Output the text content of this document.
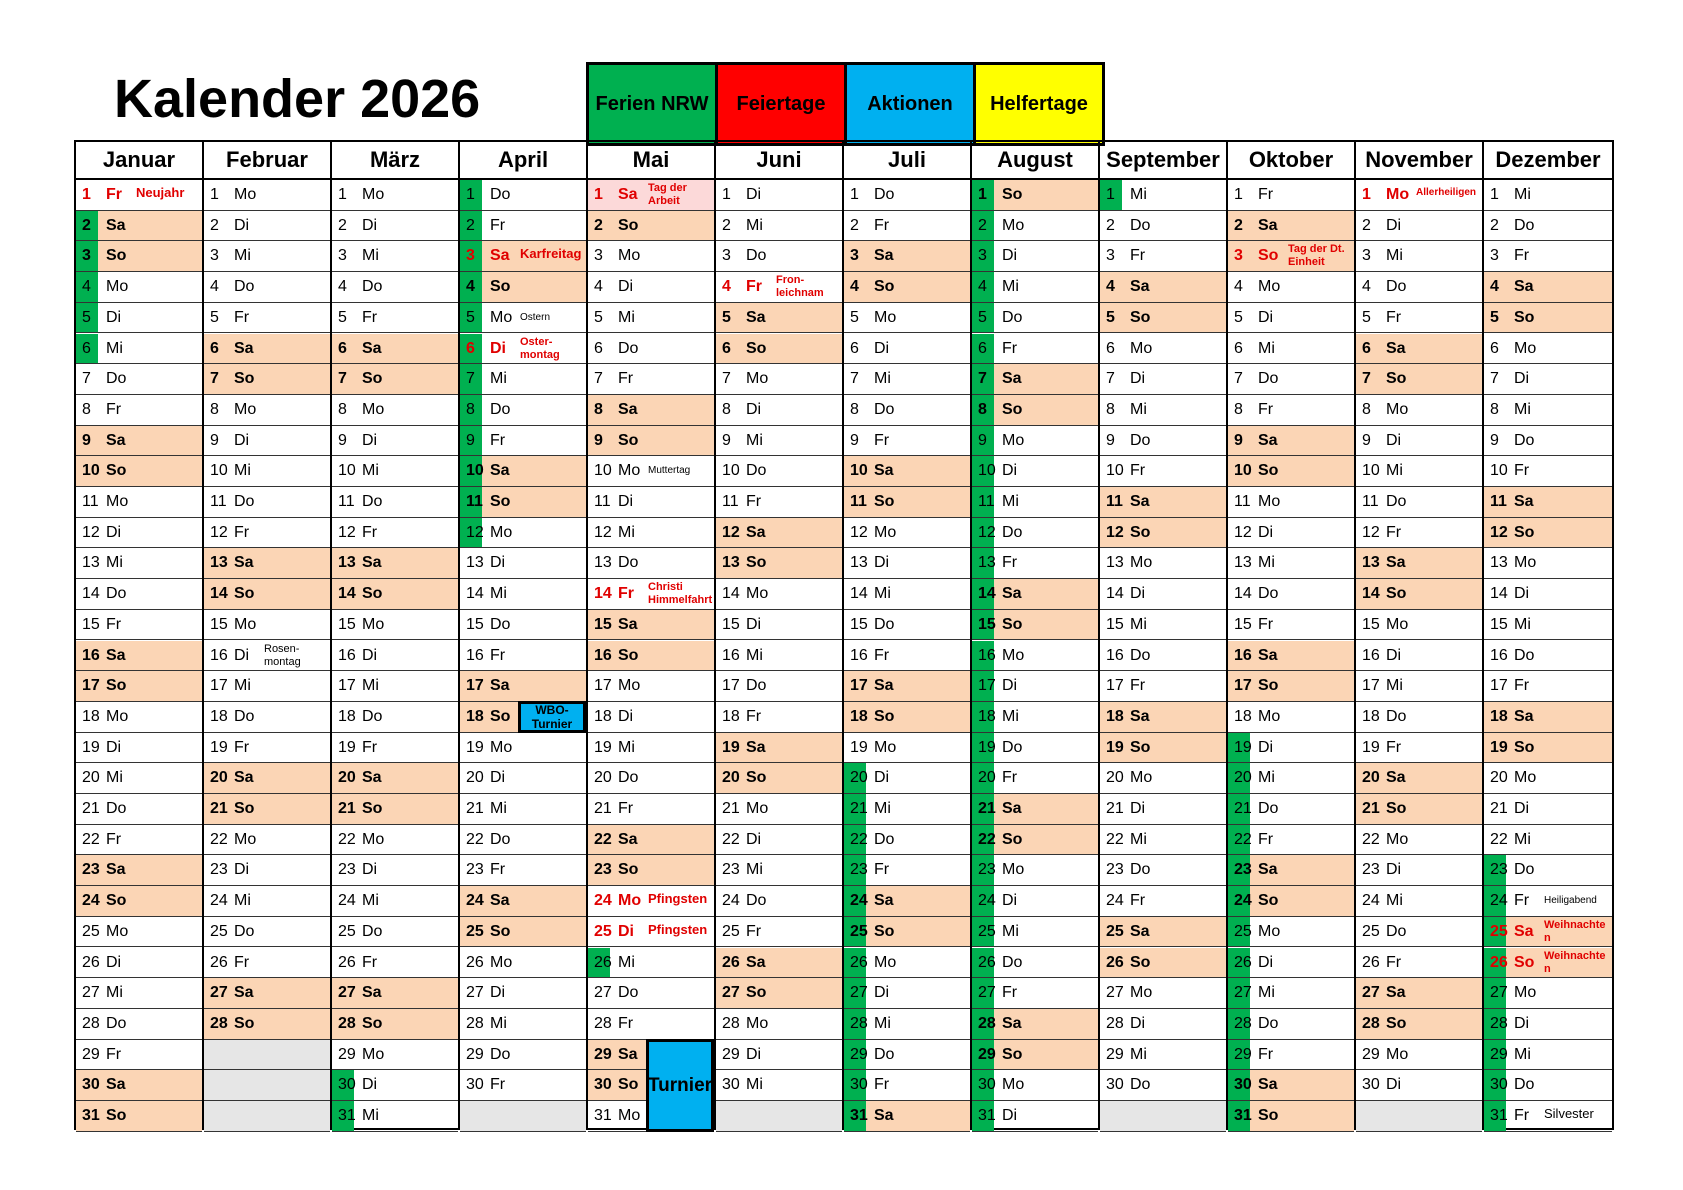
Kalender 2026	Ferien NRW	Feiertage	Aktionen	Helfertage
Januar
1 Fr Neujahr
2 Sa
3 So
4 Mo
5 Di
6 Mi
7 Do
8 Fr
9 Sa
10 So
11 Mo
12 Di
13 Mi
14 Do
15 Fr
16 Sa
17 So
18 Mo
19 Di
20 Mi
21 Do
22 Fr
23 Sa
24 So
25 Mo
26 Di
27 Mi
28 Do
29 Fr
30 Sa
31 So
Februar
1 Mo
2 Di
3 Mi
4 Do
5 Fr
6 Sa
7 So
8 Mo
9 Di
10 Mi
11 Do
12 Fr
13 Sa
14 So
15 Mo
16 Di Rosen-
montag
17 Mi
18 Do
19 Fr
20 Sa
21 So
22 Mo
23 Di
24 Mi
25 Do
26 Fr
27 Sa
28 So
März
1 Mo
2 Di
3 Mi
4 Do
5 Fr
6 Sa
7 So
8 Mo
9 Di
10 Mi
11 Do
12 Fr
13 Sa
14 So
15 Mo
16 Di
17 Mi
18 Do
19 Fr
20 Sa
21 So
22 Mo
23 Di
24 Mi
25 Do
26 Fr
27 Sa
28 So
29 Mo
30 Di
31 Mi
April
1 Do
2 Fr
3 Sa Karfreitag
4 So
5 Mo Ostern
6 Di Oster-
montag
7 Mi
8 Do
9 Fr
10 Sa
11 So
12 Mo
13 Di
14 Mi
15 Do
16 Fr
17 Sa
18 So
19 Mo
20 Di
21 Mi
22 Do
23 Fr
24 Sa
25 So
26 Mo
27 Di
28 Mi
29 Do
30 Fr
WBO-
Turnier
Mai
1 Sa Tag der
Arbeit
2 So
3 Mo
4 Di
5 Mi
6 Do
7 Fr
8 Sa
9 So
10 Mo Muttertag
11 Di
12 Mi
13 Do
14 Fr Christi
Himmelfahrt
15 Sa
16 So
17 Mo
18 Di
19 Mi
20 Do
21 Fr
22 Sa
23 So
24 Mo Pfingsten
25 Di Pfingsten
26 Mi
27 Do
28 Fr
29 Sa
30 So
31 Mo
Turnier
Juni
1 Di
2 Mi
3 Do
4 Fr Fron-
leichnam
5 Sa
6 So
7 Mo
8 Di
9 Mi
10 Do
11 Fr
12 Sa
13 So
14 Mo
15 Di
16 Mi
17 Do
18 Fr
19 Sa
20 So
21 Mo
22 Di
23 Mi
24 Do
25 Fr
26 Sa
27 So
28 Mo
29 Di
30 Mi
Juli
1 Do
2 Fr
3 Sa
4 So
5 Mo
6 Di
7 Mi
8 Do
9 Fr
10 Sa
11 So
12 Mo
13 Di
14 Mi
15 Do
16 Fr
17 Sa
18 So
19 Mo
20 Di
21 Mi
22 Do
23 Fr
24 Sa
25 So
26 Mo
27 Di
28 Mi
29 Do
30 Fr
31 Sa
August
1 So
2 Mo
3 Di
4 Mi
5 Do
6 Fr
7 Sa
8 So
9 Mo
10 Di
11 Mi
12 Do
13 Fr
14 Sa
15 So
16 Mo
17 Di
18 Mi
19 Do
20 Fr
21 Sa
22 So
23 Mo
24 Di
25 Mi
26 Do
27 Fr
28 Sa
29 So
30 Mo
31 Di
September
1 Mi
2 Do
3 Fr
4 Sa
5 So
6 Mo
7 Di
8 Mi
9 Do
10 Fr
11 Sa
12 So
13 Mo
14 Di
15 Mi
16 Do
17 Fr
18 Sa
19 So
20 Mo
21 Di
22 Mi
23 Do
24 Fr
25 Sa
26 So
27 Mo
28 Di
29 Mi
30 Do
Oktober
1 Fr
2 Sa
3 So Tag der Dt.
Einheit
4 Mo
5 Di
6 Mi
7 Do
8 Fr
9 Sa
10 So
11 Mo
12 Di
13 Mi
14 Do
15 Fr
16 Sa
17 So
18 Mo
19 Di
20 Mi
21 Do
22 Fr
23 Sa
24 So
25 Mo
26 Di
27 Mi
28 Do
29 Fr
30 Sa
31 So
November
1 Mo Allerheiligen
2 Di
3 Mi
4 Do
5 Fr
6 Sa
7 So
8 Mo
9 Di
10 Mi
11 Do
12 Fr
13 Sa
14 So
15 Mo
16 Di
17 Mi
18 Do
19 Fr
20 Sa
21 So
22 Mo
23 Di
24 Mi
25 Do
26 Fr
27 Sa
28 So
29 Mo
30 Di
Dezember
1 Mi
2 Do
3 Fr
4 Sa
5 So
6 Mo
7 Di
8 Mi
9 Do
10 Fr
11 Sa
12 So
13 Mo
14 Di
15 Mi
16 Do
17 Fr
18 Sa
19 So
20 Mo
21 Di
22 Mi
23 Do
24 Fr Heiligabend
25 Sa Weihnachte
n
26 So Weihnachte
n
27 Mo
28 Di
29 Mi
30 Do
31 Fr Silvester
